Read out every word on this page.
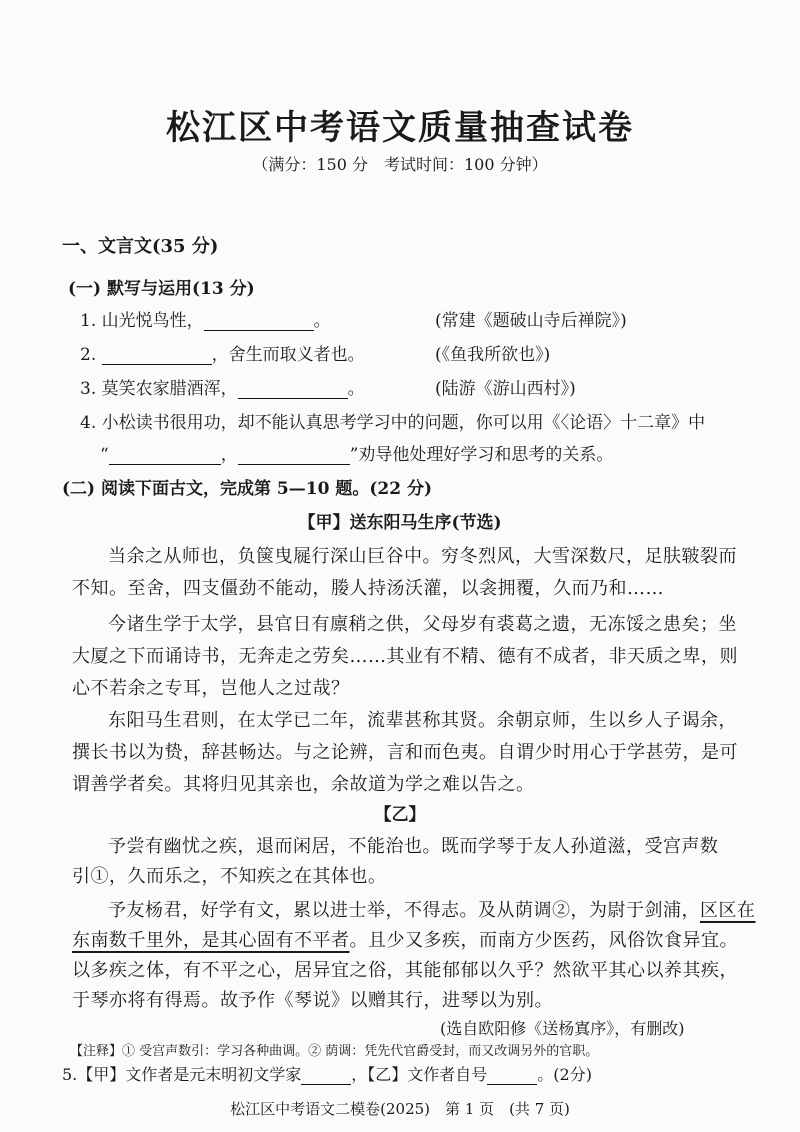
松江区中考语文质量抽查试卷
（满分：150 分　考试时间：100 分钟）
一、文言文(35 分)
(一) 默写与运用(13 分)
1. 山光悦鸟性，	。	(常建《题破山寺后禅院》)
2.	，舍生而取义者也。	(《鱼我所欲也》)
3. 莫笑农家腊酒浑，	。	(陆游《游山西村》)
4. 小松读书很用功，却不能认真思考学习中的问题，你可以用《〈论语〉十二章》中
“	，	”劝导他处理好学习和思考的关系。
(二) 阅读下面古文，完成第 5—10 题。(22 分)
【甲】送东阳马生序(节选)
当余之从师也，负箧曳屣行深山巨谷中。穷冬烈风，大雪深数尺，足肤皲裂而
不知。至舍，四支僵劲不能动，媵人持汤沃灌，以衾拥覆，久而乃和……
今诸生学于太学，县官日有廪稍之供，父母岁有裘葛之遗，无冻馁之患矣；坐
大厦之下而诵诗书，无奔走之劳矣……其业有不精、德有不成者，非天质之卑，则
心不若余之专耳，岂他人之过哉？
东阳马生君则，在太学已二年，流辈甚称其贤。余朝京师，生以乡人子谒余，
撰长书以为贽，辞甚畅达。与之论辨，言和而色夷。自谓少时用心于学甚劳，是可
谓善学者矣。其将归见其亲也，余故道为学之难以告之。
【乙】
予尝有幽忧之疾，退而闲居，不能治也。既而学琴于友人孙道滋，受宫声数
引①，久而乐之，不知疾之在其体也。
予友杨君，好学有文，累以进士举，不得志。及从荫调②，为尉于剑浦，区区在
东南数千里外，是其心固有不平者。且少又多疾，而南方少医药，风俗饮食异宜。
以多疾之体，有不平之心，居异宜之俗，其能郁郁以久乎？然欲平其心以养其疾，
于琴亦将有得焉。故予作《琴说》以赠其行，进琴以为别。
(选自欧阳修《送杨寘序》，有删改)
松江区中考语文二模卷(2025)　第 1 页　(共 7 页)
【注释】① 受宫声数引：学习各种曲调。② 荫调：凭先代官爵受封，而又改调另外的官职。
5.【甲】文作者是元末明初文学家	，【乙】文作者自号	。(2分)
